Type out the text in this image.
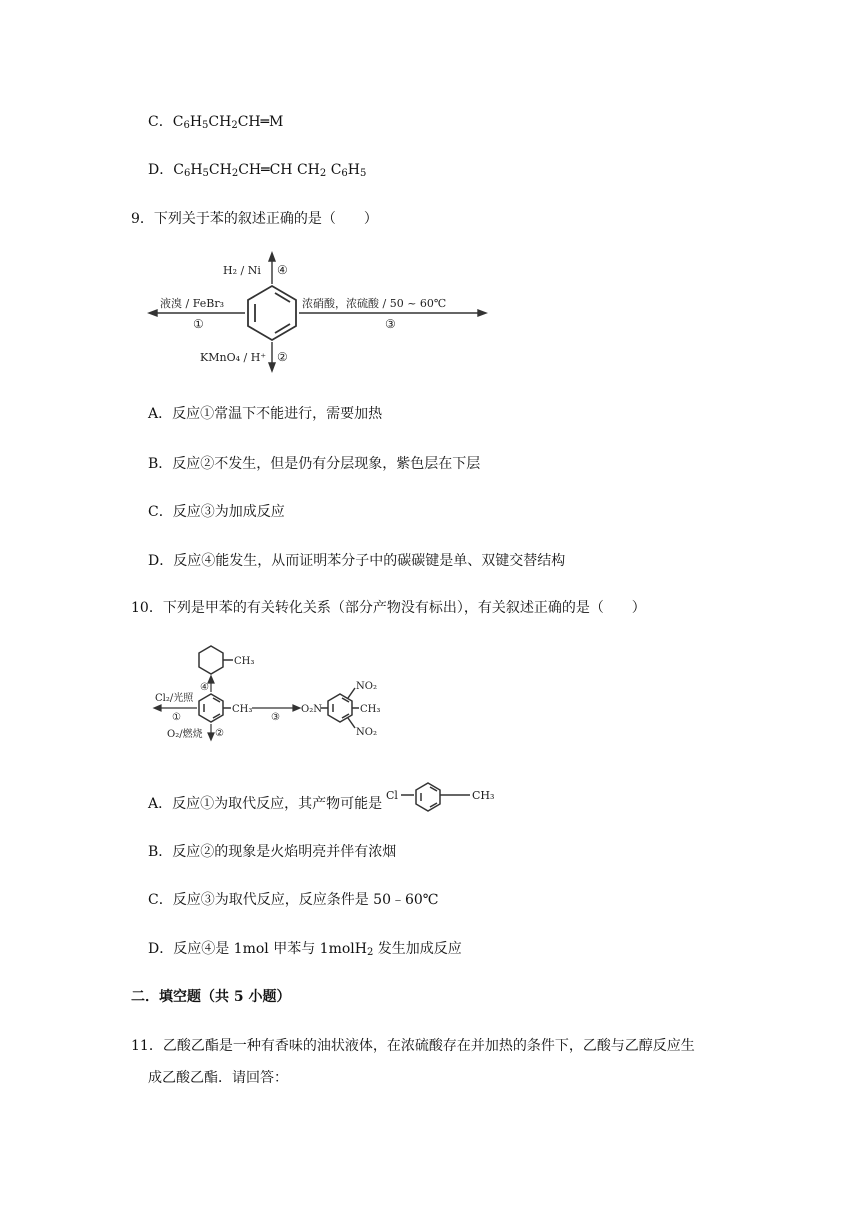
C．$C_6H_5CH_2CH═M$
D．$C_6H_5CH_2CH═CH$ $CH_2$ $C_6H_5$
9．下列关于苯的叙述正确的是（　　）
H₂ / Ni ④
液溴 / FeBr₃
①
浓硝酸，浓硫酸 / 50 ~ 60℃
③
KMnO₄ / H⁺ ②
A．反应①常温下不能进行，需要加热
B．反应②不发生，但是仍有分层现象，紫色层在下层
C．反应③为加成反应
D．反应④能发生，从而证明苯分子中的碳碳键是单、双键交替结构
10．下列是甲苯的有关转化关系（部分产物没有标出），有关叙述正确的是（　　）
CH₃
④
CH₃
Cl₂/光照
①
O₂/燃烧 ②
③
O₂N
NO₂
CH₃
NO₂
A．反应①为取代反应，其产物可能是
Cl	CH₃
B．反应②的现象是火焰明亮并伴有浓烟
C．反应③为取代反应，反应条件是 50﹣60℃
D．反应④是 1mol 甲苯与 1molH$_2$ 发生加成反应
二．填空题（共 5 小题）
11．乙酸乙酯是一种有香味的油状液体，在浓硫酸存在并加热的条件下，乙酸与乙醇反应生
成乙酸乙酯．请回答：
